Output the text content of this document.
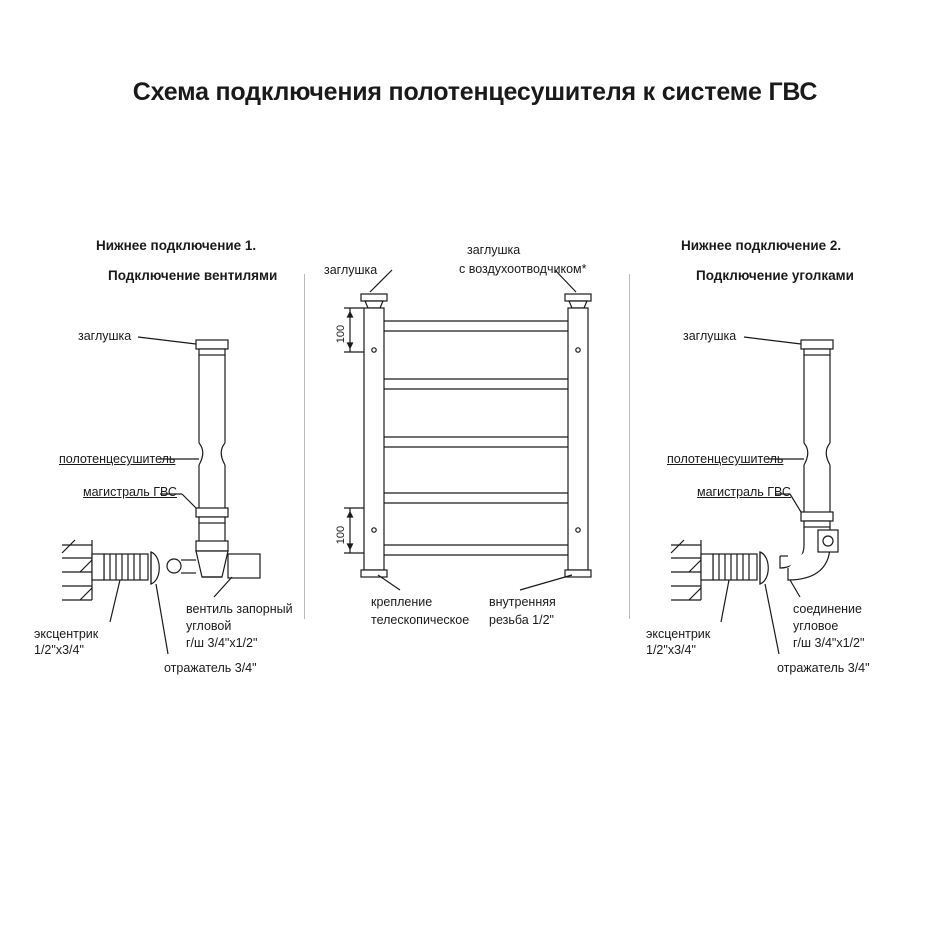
Схема подключения полотенцесушителя к системе ГВС
Нижнее подключение 1.
Подключение вентилями
заглушка
полотенцесушитель
магистраль ГВС
эксцентрик
1/2"х3/4"
отражатель 3/4"
вентиль запорный
угловой
г/ш 3/4"х1/2"
заглушка
заглушка
с воздухоотводчиком*
крепление
телескопическое
внутренняя
резьба 1/2"
Нижнее подключение 2.
Подключение уголками
заглушка
полотенцесушитель
магистраль ГВС
эксцентрик
1/2"х3/4"
отражатель 3/4"
соединение
угловое
г/ш 3/4"х1/2"
100
100
